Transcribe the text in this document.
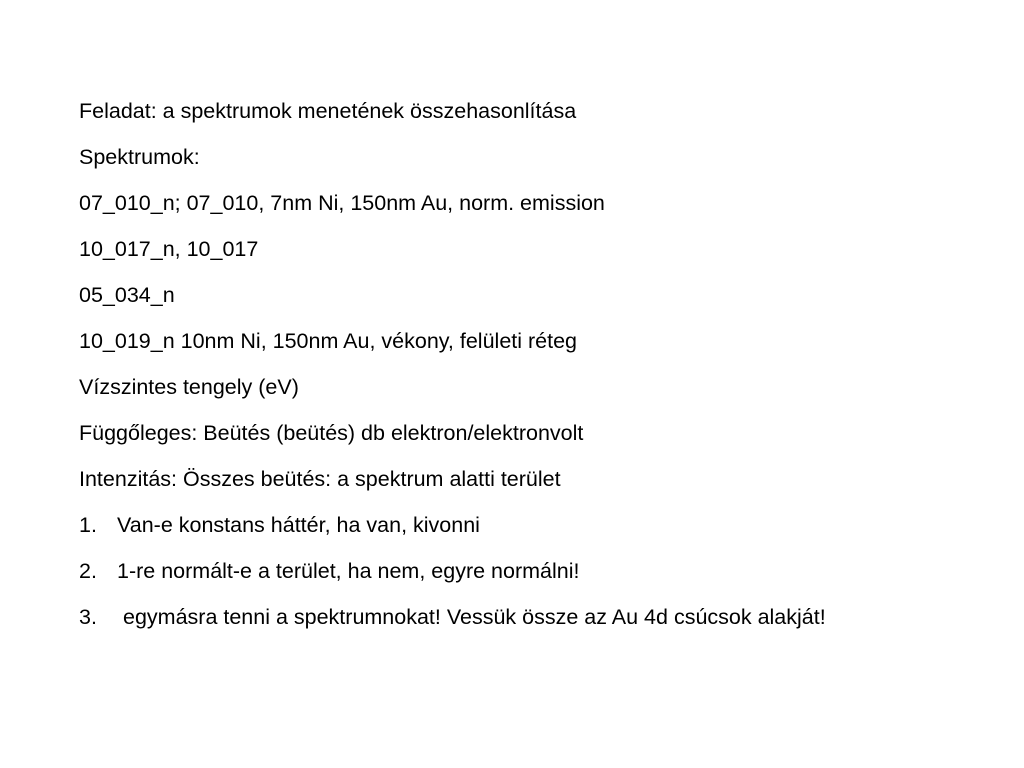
Feladat: a spektrumok menetének összehasonlítása
Spektrumok:
07_010_n; 07_010, 7nm Ni, 150nm Au, norm. emission
10_017_n, 10_017
05_034_n
10_019_n 10nm Ni, 150nm Au, vékony, felületi réteg
Vízszintes tengely (eV)
Függőleges: Beütés (beütés) db elektron/elektronvolt
Intenzitás: Összes beütés: a spektrum alatti terület
1. Van-e konstans háttér, ha van, kivonni
2. 1-re normált-e a terület, ha nem, egyre normálni!
3.	egymásra tenni a spektrumnokat! Vessük össze az Au 4d csúcsok alakját!
